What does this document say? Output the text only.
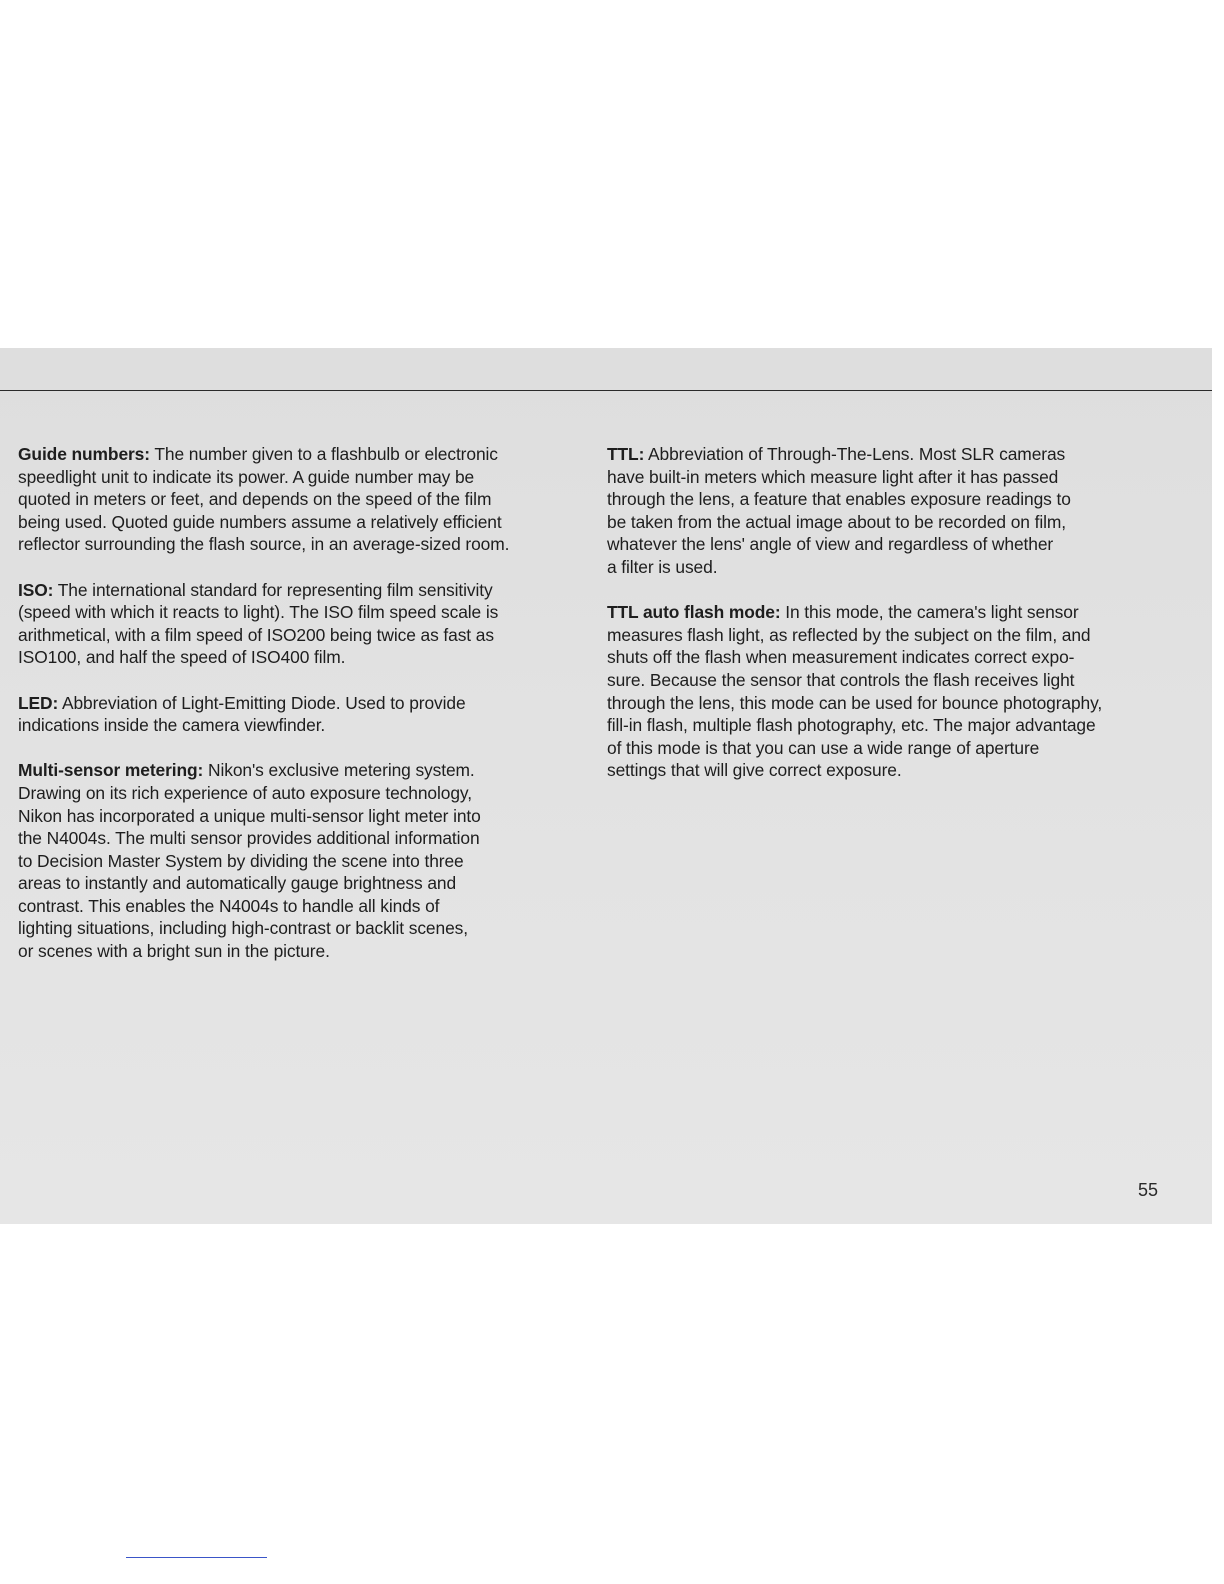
Guide numbers: The number given to a flashbulb or electronic
speedlight unit to indicate its power. A guide number may be
quoted in meters or feet, and depends on the speed of the film
being used. Quoted guide numbers assume a relatively efficient
reflector surrounding the flash source, in an average-sized room.
ISO: The international standard for representing film sensitivity
(speed with which it reacts to light). The ISO film speed scale is
arithmetical, with a film speed of ISO200 being twice as fast as
ISO100, and half the speed of ISO400 film.
LED: Abbreviation of Light-Emitting Diode. Used to provide
indications inside the camera viewfinder.
Multi-sensor metering: Nikon's exclusive metering system.
Drawing on its rich experience of auto exposure technology,
Nikon has incorporated a unique multi-sensor light meter into
the N4004s. The multi sensor provides additional information
to Decision Master System by dividing the scene into three
areas to instantly and automatically gauge brightness and
contrast. This enables the N4004s to handle all kinds of
lighting situations, including high-contrast or backlit scenes,
or scenes with a bright sun in the picture.
TTL: Abbreviation of Through-The-Lens. Most SLR cameras
have built-in meters which measure light after it has passed
through the lens, a feature that enables exposure readings to
be taken from the actual image about to be recorded on film,
whatever the lens' angle of view and regardless of whether
a filter is used.
TTL auto flash mode: In this mode, the camera's light sensor
measures flash light, as reflected by the subject on the film, and
shuts off the flash when measurement indicates correct expo-
sure. Because the sensor that controls the flash receives light
through the lens, this mode can be used for bounce photography,
fill-in flash, multiple flash photography, etc. The major advantage
of this mode is that you can use a wide range of aperture
settings that will give correct exposure.
55
